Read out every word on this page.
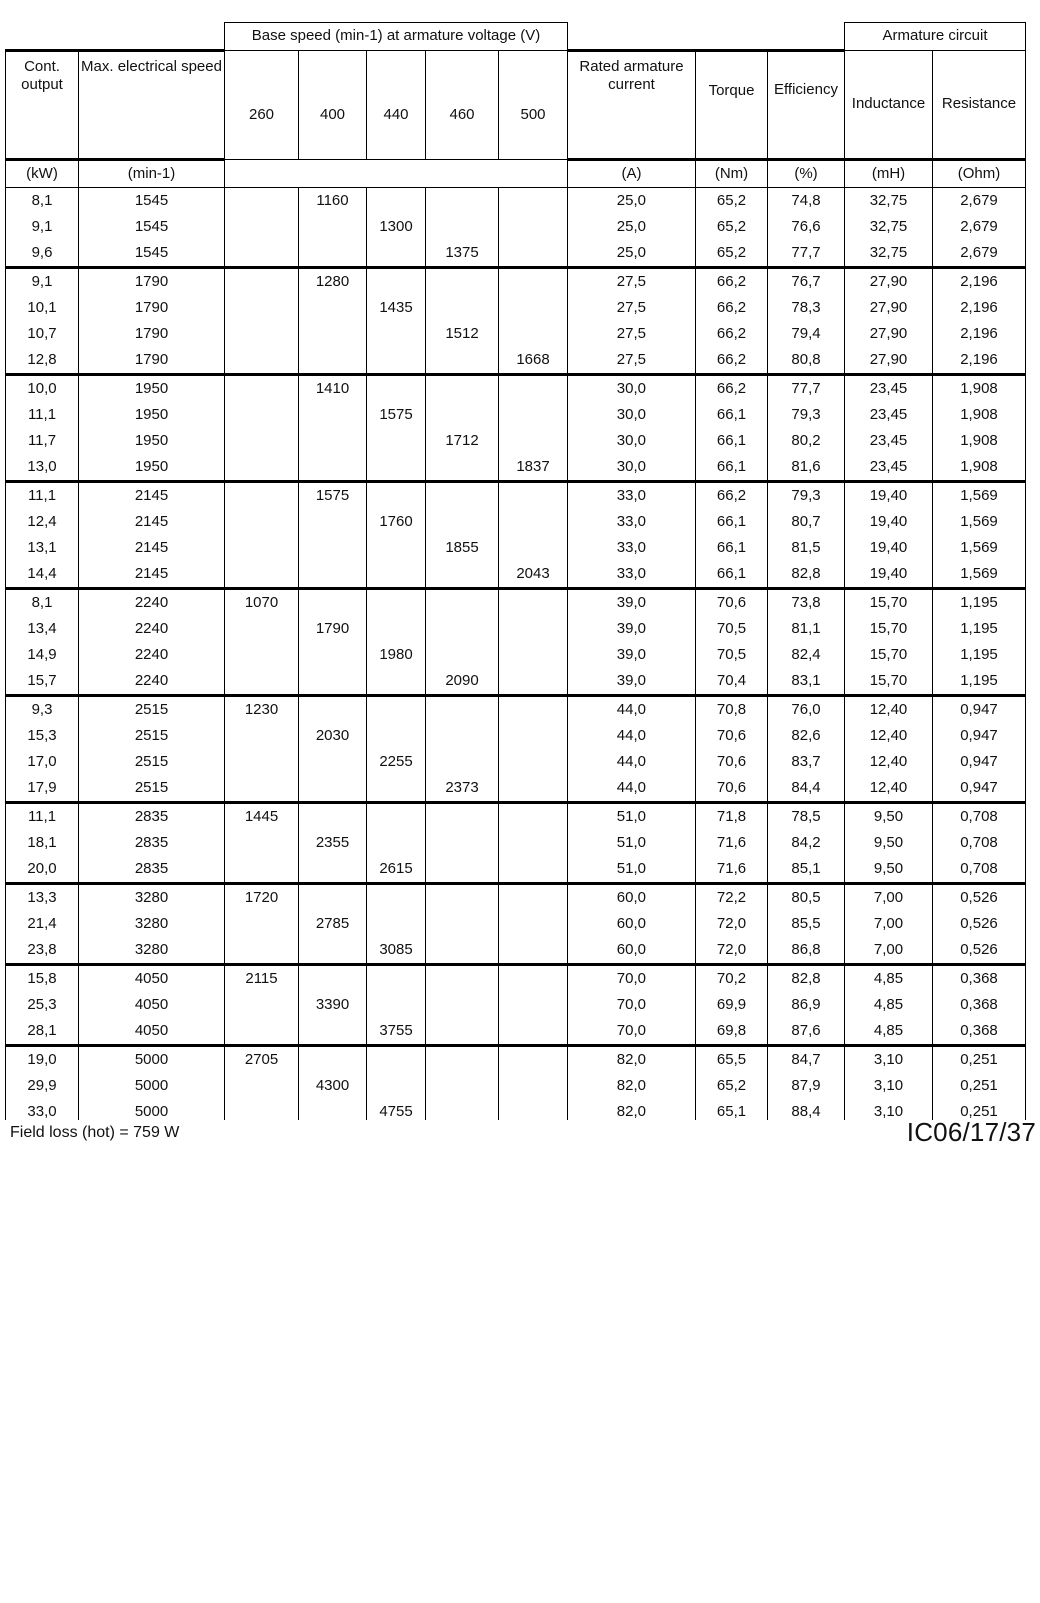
		Base speed (min-1) at armature voltage (V)								Armature circuit	
Cont. output	Max. electrical speed	260	400	440	460	500	Rated armature current	Torque	Efficiency	Inductance	Resistance
(kW)	(min-1)						(A)	(Nm)	(%)	(mH)	(Ohm)
8,1	1545		1160				25,0	65,2	74,8	32,75	2,679
9,1	1545			1300			25,0	65,2	76,6	32,75	2,679
9,6	1545				1375		25,0	65,2	77,7	32,75	2,679
9,1	1790		1280				27,5	66,2	76,7	27,90	2,196
10,1	1790			1435			27,5	66,2	78,3	27,90	2,196
10,7	1790				1512		27,5	66,2	79,4	27,90	2,196
12,8	1790					1668	27,5	66,2	80,8	27,90	2,196
10,0	1950		1410				30,0	66,2	77,7	23,45	1,908
11,1	1950			1575			30,0	66,1	79,3	23,45	1,908
11,7	1950				1712		30,0	66,1	80,2	23,45	1,908
13,0	1950					1837	30,0	66,1	81,6	23,45	1,908
11,1	2145		1575				33,0	66,2	79,3	19,40	1,569
12,4	2145			1760			33,0	66,1	80,7	19,40	1,569
13,1	2145				1855		33,0	66,1	81,5	19,40	1,569
14,4	2145					2043	33,0	66,1	82,8	19,40	1,569
8,1	2240	1070					39,0	70,6	73,8	15,70	1,195
13,4	2240		1790				39,0	70,5	81,1	15,70	1,195
14,9	2240			1980			39,0	70,5	82,4	15,70	1,195
15,7	2240				2090		39,0	70,4	83,1	15,70	1,195
9,3	2515	1230					44,0	70,8	76,0	12,40	0,947
15,3	2515		2030				44,0	70,6	82,6	12,40	0,947
17,0	2515			2255			44,0	70,6	83,7	12,40	0,947
17,9	2515				2373		44,0	70,6	84,4	12,40	0,947
11,1	2835	1445					51,0	71,8	78,5	9,50	0,708
18,1	2835		2355				51,0	71,6	84,2	9,50	0,708
20,0	2835			2615			51,0	71,6	85,1	9,50	0,708
13,3	3280	1720					60,0	72,2	80,5	7,00	0,526
21,4	3280		2785				60,0	72,0	85,5	7,00	0,526
23,8	3280			3085			60,0	72,0	86,8	7,00	0,526
15,8	4050	2115					70,0	70,2	82,8	4,85	0,368
25,3	4050		3390				70,0	69,9	86,9	4,85	0,368
28,1	4050			3755			70,0	69,8	87,6	4,85	0,368
19,0	5000	2705					82,0	65,5	84,7	3,10	0,251
29,9	5000		4300				82,0	65,2	87,9	3,10	0,251
33,0	5000			4755			82,0	65,1	88,4	3,10	0,251

Field loss (hot) = 759 W	IC06/17/37
